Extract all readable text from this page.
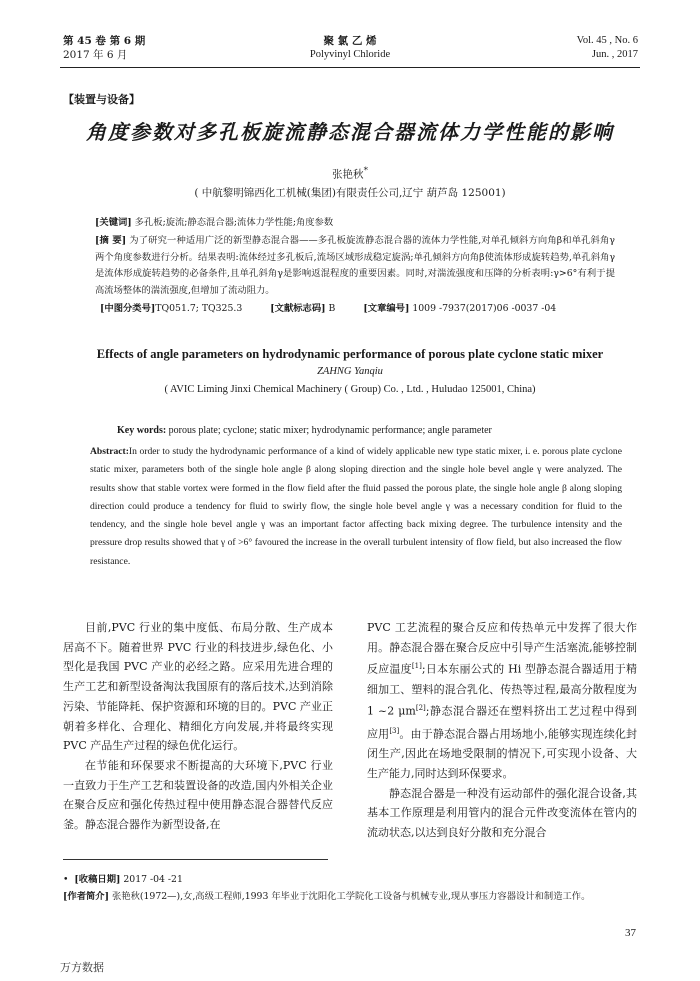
第 45 卷 第 6 期
2017 年 6 月
聚 氯 乙 烯
Polyvinyl Chloride
Vol. 45 , No. 6
Jun. , 2017
【装置与设备】
角度参数对多孔板旋流静态混合器流体力学性能的影响
张艳秋*
( 中航黎明锦西化工机械(集团)有限责任公司,辽宁 葫芦岛 125001)
[关键词] 多孔板;旋流;静态混合器;流体力学性能;角度参数
[摘 要] 为了研究一种适用广泛的新型静态混合器——多孔板旋流静态混合器的流体力学性能,对单孔倾斜方向角β和单孔斜角γ两个角度参数进行分析。结果表明:流体经过多孔板后,流场区域形成稳定旋涡;单孔倾斜方向角β使流体形成旋转趋势,单孔斜角γ是流体形成旋转趋势的必备条件,且单孔斜角γ是影响返混程度的重要因素。同时,对湍流强度和压降的分析表明:γ>6°有利于提高流场整体的湍流强度,但增加了流动阻力。
[中图分类号]TQ051.7; TQ325.3	[文献标志码] B	[文章编号] 1009 -7937(2017)06 -0037 -04
Effects of angle parameters on hydrodynamic performance of porous plate cyclone static mixer
ZAHNG Yanqiu
( AVIC Liming Jinxi Chemical Machinery ( Group) Co. , Ltd. , Huludao 125001, China)
Key words: porous plate; cyclone; static mixer; hydrodynamic performance; angle parameter
Abstract:In order to study the hydrodynamic performance of a kind of widely applicable new type static mixer, i. e. porous plate cyclone static mixer, parameters both of the single hole angle β along sloping direction and the single hole bevel angle γ were analyzed. The results show that stable vortex were formed in the flow field after the fluid passed the porous plate, the single hole angle β along sloping direction could produce a tendency for fluid to swirly flow, the single hole bevel angle γ was a necessary condition for fluid to the tendency, and the single hole bevel angle γ was an important factor affecting back mixing degree. The turbulence intensity and the pressure drop results showed that γ of >6° favoured the increase in the overall turbulent intensity of flow field, but also increased the flow resistance.

目前,PVC 行业的集中度低、布局分散、生产成本居高不下。随着世界 PVC 行业的科技进步,绿色化、小型化是我国 PVC 产业的必经之路。应采用先进合理的生产工艺和新型设备淘汰我国原有的落后技术,达到消除污染、节能降耗、保护资源和环境的目的。PVC 产业正朝着多样化、合理化、精细化方向发展,并将最终实现 PVC 产品生产过程的绿色优化运行。

在节能和环保要求不断提高的大环境下,PVC 行业一直致力于生产工艺和装置设备的改造,国内外相关企业在聚合反应和强化传热过程中使用静态混合器替代反应釜。静态混合器作为新型设备,在

PVC 工艺流程的聚合反应和传热单元中发挥了很大作用。静态混合器在聚合反应中引导产生活塞流,能够控制反应温度[1];日本东丽公式的 Hi 型静态混合器适用于精细加工、塑料的混合乳化、传热等过程,最高分散程度为 1 ~2 μm[2];静态混合器还在塑料挤出工艺过程中得到应用[3]。由于静态混合器占用场地小,能够实现连续化封闭生产,因此在场地受限制的情况下,可实现小设备、大生产能力,同时达到环保要求。

静态混合器是一种没有运动部件的强化混合设备,其基本工作原理是利用管内的混合元件改变流体在管内的流动状态,以达到良好分散和充分混合

•  [收稿日期] 2017 -04 -21
[作者简介] 张艳秋(1972—),女,高级工程师,1993 年毕业于沈阳化工学院化工设备与机械专业,现从事压力容器设计和制造工作。
37
万方数据
